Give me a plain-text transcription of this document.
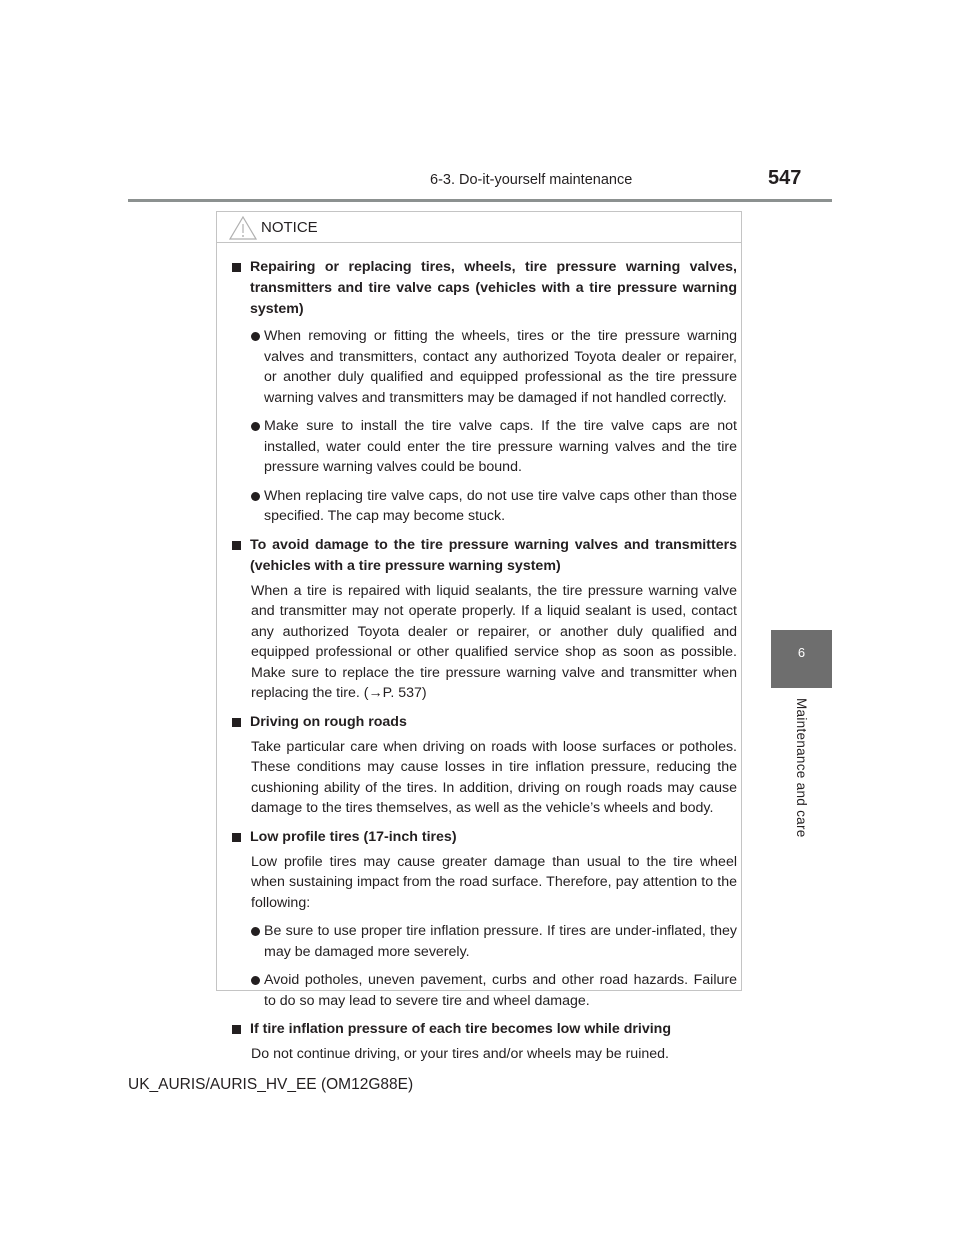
6-3. Do-it-yourself maintenance	547
6
Maintenance and care
NOTICE
Repairing or replacing tires, wheels, tire pressure warning valves, transmitters and tire valve caps (vehicles with a tire pressure warning system)
When removing or fitting the wheels, tires or the tire pressure warning valves and transmitters, contact any authorized Toyota dealer or repairer, or another duly qualified and equipped professional as the tire pressure warning valves and transmitters may be damaged if not handled correctly.
Make sure to install the tire valve caps. If the tire valve caps are not installed, water could enter the tire pressure warning valves and the tire pressure warning valves could be bound.
When replacing tire valve caps, do not use tire valve caps other than those specified. The cap may become stuck.
To avoid damage to the tire pressure warning valves and transmitters (vehicles with a tire pressure warning system)
When a tire is repaired with liquid sealants, the tire pressure warning valve and transmitter may not operate properly. If a liquid sealant is used, contact any authorized Toyota dealer or repairer, or another duly qualified and equipped professional or other qualified service shop as soon as possible. Make sure to replace the tire pressure warning valve and transmitter when replacing the tire. (→P. 537)
Driving on rough roads
Take particular care when driving on roads with loose surfaces or potholes. These conditions may cause losses in tire inflation pressure, reducing the cushioning ability of the tires. In addition, driving on rough roads may cause damage to the tires themselves, as well as the vehicle’s wheels and body.
Low profile tires (17-inch tires)
Low profile tires may cause greater damage than usual to the tire wheel when sustaining impact from the road surface. Therefore, pay attention to the following:
Be sure to use proper tire inflation pressure. If tires are under-inflated, they may be damaged more severely.
Avoid potholes, uneven pavement, curbs and other road hazards. Failure to do so may lead to severe tire and wheel damage.
If tire inflation pressure of each tire becomes low while driving
Do not continue driving, or your tires and/or wheels may be ruined.
UK_AURIS/AURIS_HV_EE (OM12G88E)
